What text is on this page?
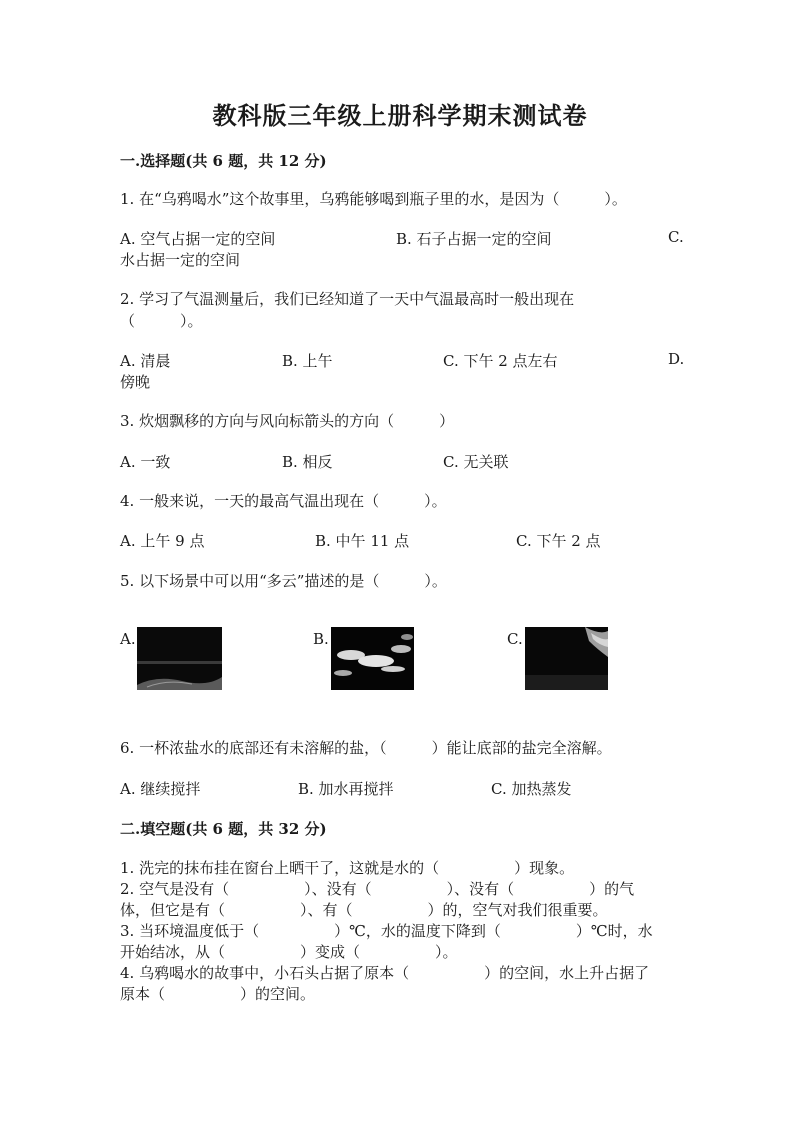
教科版三年级上册科学期末测试卷
一.选择题(共 6 题，共 12 分)
1. 在“乌鸦喝水”这个故事里，乌鸦能够喝到瓶子里的水，是因为（　　　）。
A. 空气占据一定的空间	B. 石子占据一定的空间	C.
水占据一定的空间
2. 学习了气温测量后，我们已经知道了一天中气温最高时一般出现在
（　　　）。
A. 清晨	B. 上午	C. 下午 2 点左右	D.
傍晚
3. 炊烟飘移的方向与风向标箭头的方向（　　　）
A. 一致	B. 相反	C. 无关联
4. 一般来说，一天的最高气温出现在（　　　）。
A. 上午 9 点	B. 中午 11 点	C. 下午 2 点
5. 以下场景中可以用“多云”描述的是（　　　）。
A.	B.	C.
6. 一杯浓盐水的底部还有未溶解的盐，（　　　）能让底部的盐完全溶解。
A. 继续搅拌	B. 加水再搅拌	C. 加热蒸发
二.填空题(共 6 题，共 32 分)
1. 洗完的抹布挂在窗台上晒干了，这就是水的（　　　　　）现象。
2. 空气是没有（　　　　　）、没有（　　　　　）、没有（　　　　　）的气
体，但它是有（　　　　　）、有（　　　　　）的，空气对我们很重要。
3. 当环境温度低于（　　　　　）℃，水的温度下降到（　　　　　）℃时，水
开始结冰，从（　　　　　）变成（　　　　　）。
4. 乌鸦喝水的故事中，小石头占据了原本（　　　　　）的空间，水上升占据了
原本（　　　　　）的空间。
